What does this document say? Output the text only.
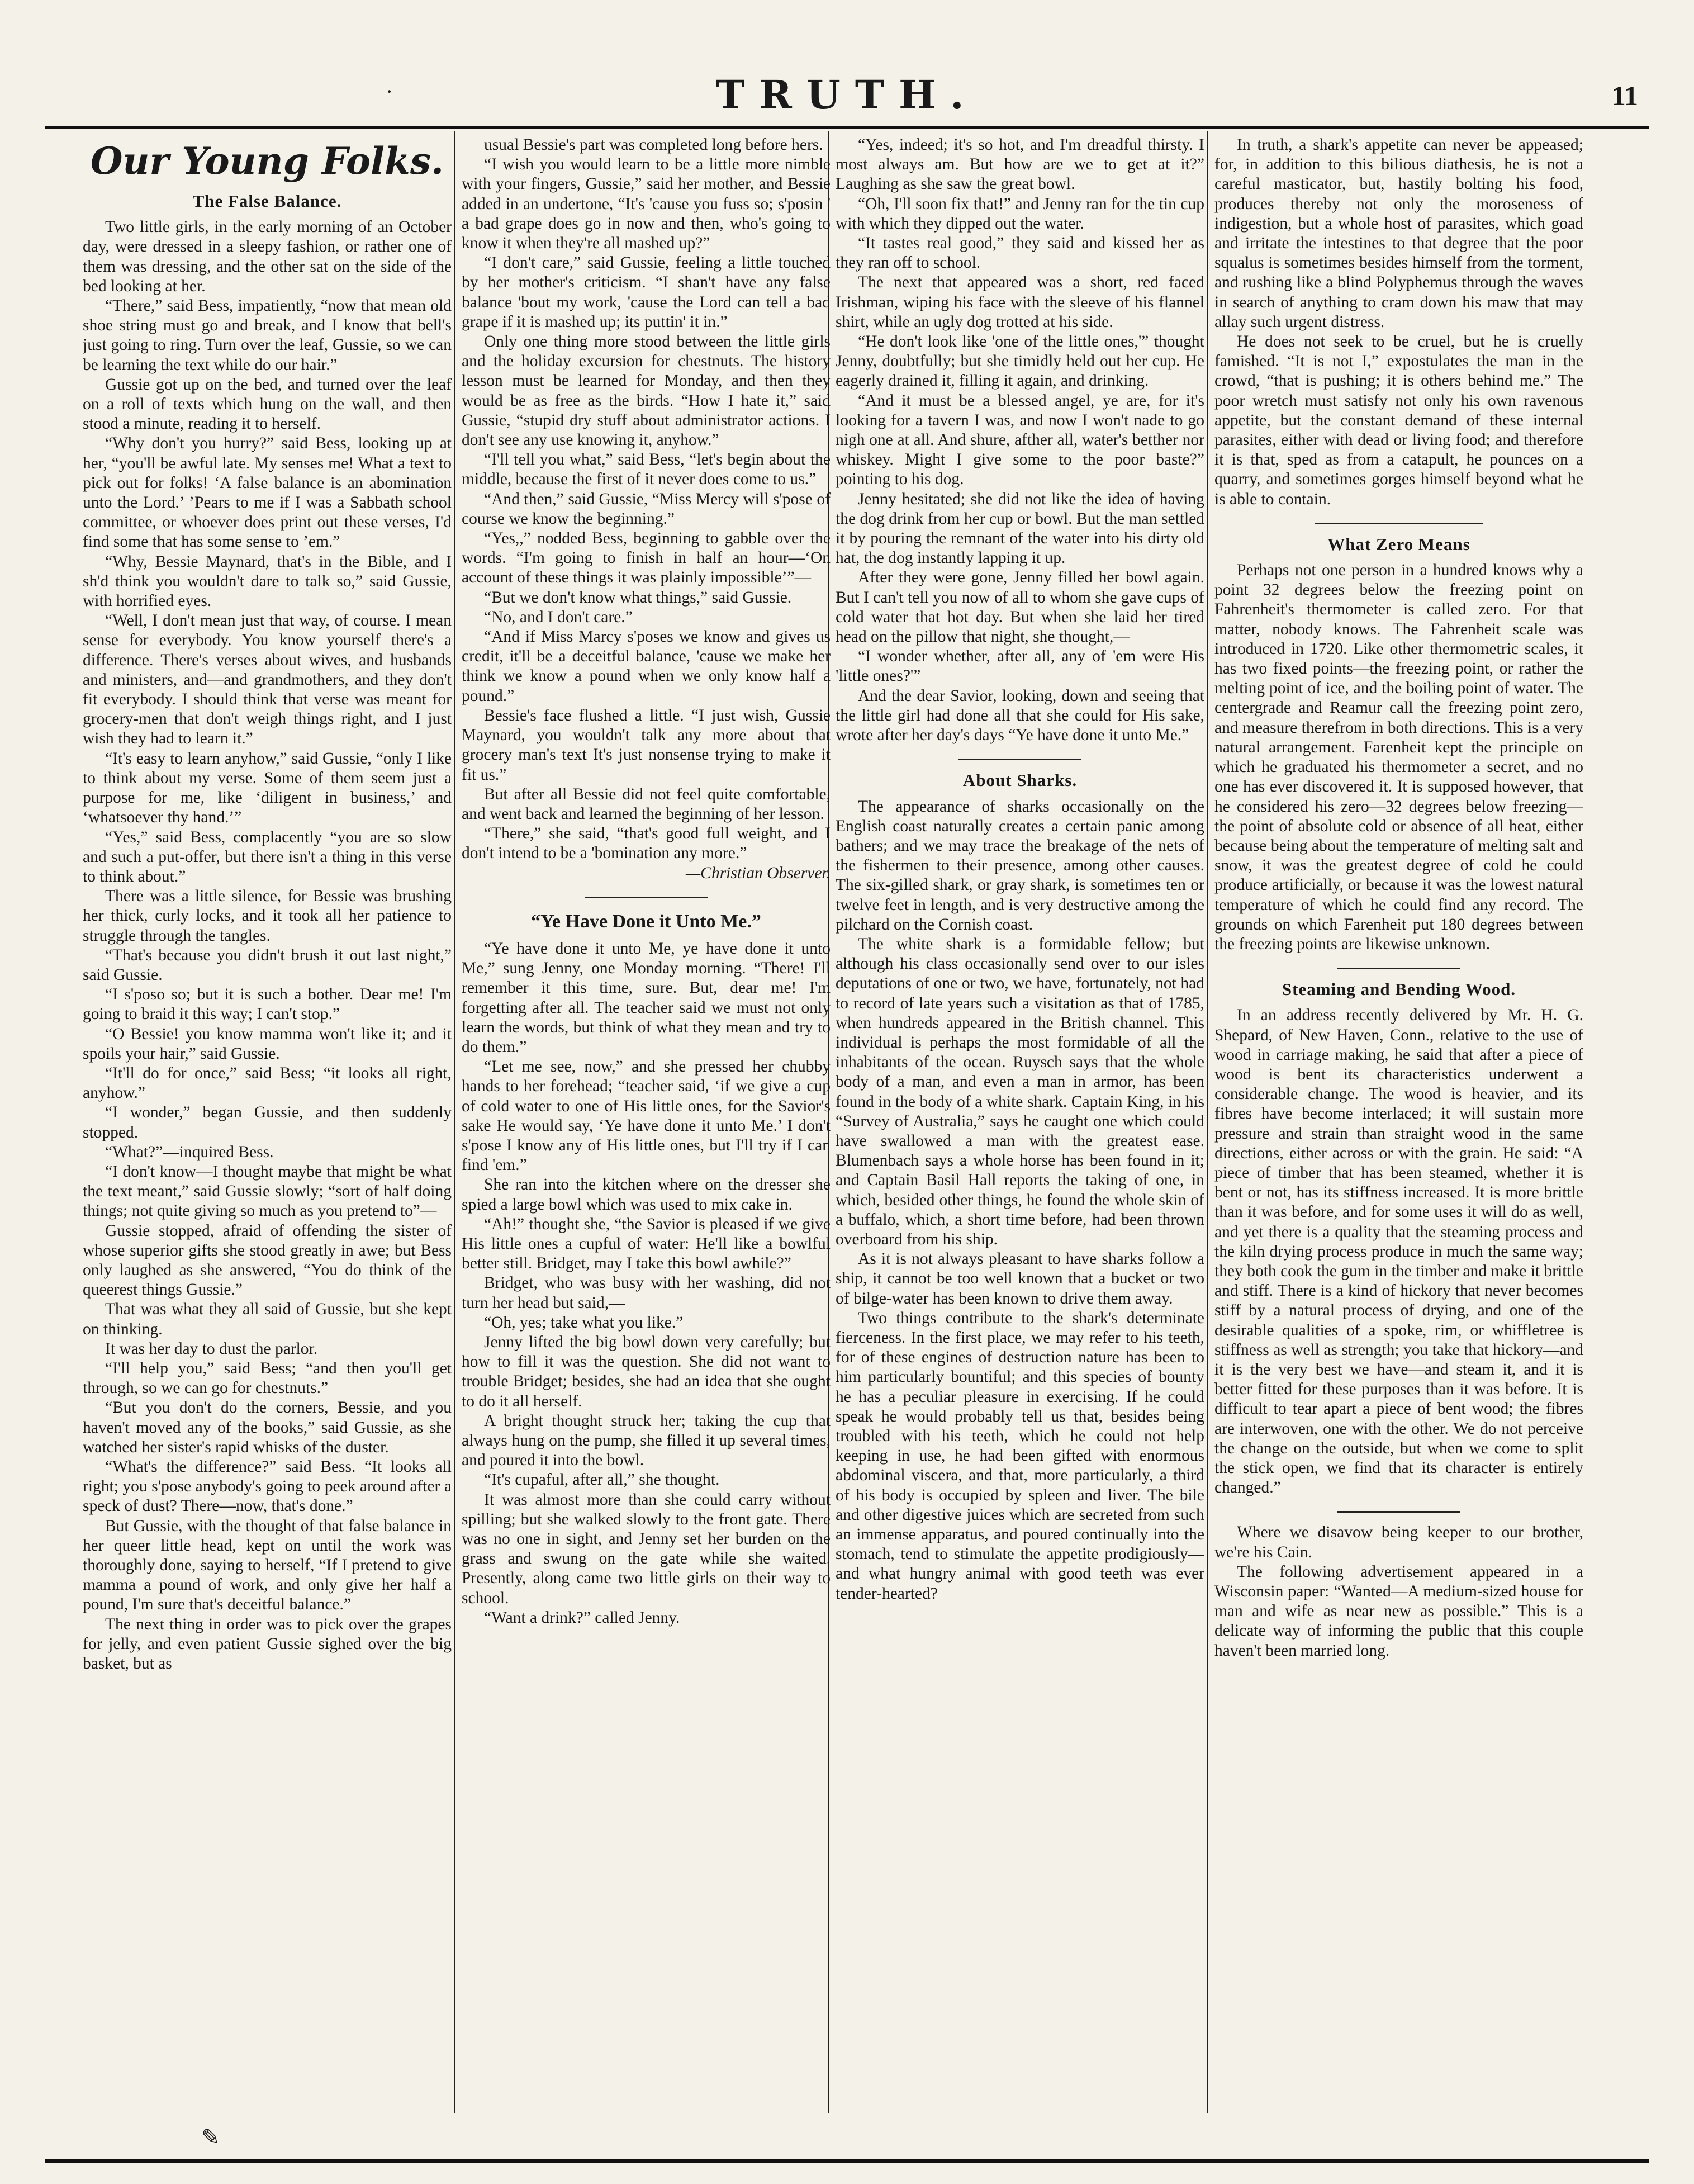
·	TRUTH.	11
Our Young Folks.
The False Balance.

Two little girls, in the early morning of an October day, were dressed in a sleepy fashion, or rather one of them was dressing, and the other sat on the side of the bed looking at her.

“There,” said Bess, impatiently, “now that mean old shoe string must go and break, and I know that bell's just going to ring. Turn over the leaf, Gussie, so we can be learning the text while do our hair.”

Gussie got up on the bed, and turned over the leaf on a roll of texts which hung on the wall, and then stood a minute, reading it to herself.

“Why don't you hurry?” said Bess, looking up at her, “you'll be awful late. My senses me! What a text to pick out for folks! ‘A false balance is an abomination unto the Lord.’ ’Pears to me if I was a Sabbath school committee, or whoever does print out these verses, I'd find some that has some sense to ’em.”

“Why, Bessie Maynard, that's in the Bible, and I sh'd think you wouldn't dare to talk so,” said Gussie, with horrified eyes.

“Well, I don't mean just that way, of course. I mean sense for everybody. You know yourself there's a difference. There's verses about wives, and husbands and ministers, and—and grandmothers, and they don't fit everybody. I should think that verse was meant for grocery-men that don't weigh things right, and I just wish they had to learn it.”

“It's easy to learn anyhow,” said Gussie, “only I like to think about my verse. Some of them seem just a purpose for me, like ‘diligent in business,’ and ‘whatsoever thy hand.’”

“Yes,” said Bess, complacently “you are so slow and such a put-offer, but there isn't a thing in this verse to think about.”

There was a little silence, for Bessie was brushing her thick, curly locks, and it took all her patience to struggle through the tangles.

“That's because you didn't brush it out last night,” said Gussie.

“I s'poso so; but it is such a bother. Dear me! I'm going to braid it this way; I can't stop.”

“O Bessie! you know mamma won't like it; and it spoils your hair,” said Gussie.

“It'll do for once,” said Bess; “it looks all right, anyhow.”

“I wonder,” began Gussie, and then suddenly stopped.

“What?”—inquired Bess.

“I don't know—I thought maybe that might be what the text meant,” said Gussie slowly; “sort of half doing things; not quite giving so much as you pretend to”—

Gussie stopped, afraid of offending the sister of whose superior gifts she stood greatly in awe; but Bess only laughed as she answered, “You do think of the queerest things Gussie.”

That was what they all said of Gussie, but she kept on thinking.

It was her day to dust the parlor.

“I'll help you,” said Bess; “and then you'll get through, so we can go for chestnuts.”

“But you don't do the corners, Bessie, and you haven't moved any of the books,” said Gussie, as she watched her sister's rapid whisks of the duster.

“What's the difference?” said Bess. “It looks all right; you s'pose anybody's going to peek around after a speck of dust? There—now, that's done.”

But Gussie, with the thought of that false balance in her queer little head, kept on until the work was thoroughly done, saying to herself, “If I pretend to give mamma a pound of work, and only give her half a pound, I'm sure that's deceitful balance.”

The next thing in order was to pick over the grapes for jelly, and even patient Gussie sighed over the big basket, but as

usual Bessie's part was completed long before hers.

“I wish you would learn to be a little more nimble with your fingers, Gussie,” said her mother, and Bessie added in an undertone, “It's 'cause you fuss so; s'posin ' a bad grape does go in now and then, who's going to know it when they're all mashed up?”

“I don't care,” said Gussie, feeling a little touched by her mother's criticism. “I shan't have any false balance 'bout my work, 'cause the Lord can tell a bad grape if it is mashed up; its puttin' it in.”

Only one thing more stood between the little girls and the holiday excursion for chestnuts. The history lesson must be learned for Monday, and then they would be as free as the birds. “How I hate it,” said Gussie, “stupid dry stuff about administrator actions. I don't see any use knowing it, anyhow.”

“I'll tell you what,” said Bess, “let's begin about the middle, because the first of it never does come to us.”

“And then,” said Gussie, “Miss Mercy will s'pose of course we know the beginning.”

“Yes,,” nodded Bess, beginning to gabble over the words. “I'm going to finish in half an hour—‘On account of these things it was plainly impossible’”—

“But we don't know what things,” said Gussie.

“No, and I don't care.”

“And if Miss Marcy s'poses we know and gives us credit, it'll be a deceitful balance, 'cause we make her think we know a pound when we only know half a pound.”

Bessie's face flushed a little. “I just wish, Gussie Maynard, you wouldn't talk any more about that grocery man's text It's just nonsense trying to make it fit us.”

But after all Bessie did not feel quite comfortable, and went back and learned the beginning of her lesson.

“There,” she said, “that's good full weight, and I don't intend to be a 'bomination any more.”

—Christian Observer.

“Ye Have Done it Unto Me.”

“Ye have done it unto Me, ye have done it unto Me,” sung Jenny, one Monday morning. “There! I'll remember it this time, sure. But, dear me! I'm forgetting after all. The teacher said we must not only learn the words, but think of what they mean and try to do them.”

“Let me see, now,” and she pressed her chubby hands to her forehead; “teacher said, ‘if we give a cup of cold water to one of His little ones, for the Savior's sake He would say, ‘Ye have done it unto Me.’ I don't s'pose I know any of His little ones, but I'll try if I can find 'em.”

She ran into the kitchen where on the dresser she spied a large bowl which was used to mix cake in.

“Ah!” thought she, “the Savior is pleased if we give His little ones a cupful of water: He'll like a bowlful better still. Bridget, may I take this bowl awhile?”

Bridget, who was busy with her washing, did not turn her head but said,—

“Oh, yes; take what you like.”

Jenny lifted the big bowl down very carefully; but how to fill it was the question. She did not want to trouble Bridget; besides, she had an idea that she ought to do it all herself.

A bright thought struck her; taking the cup that always hung on the pump, she filled it up several times, and poured it into the bowl.

“It's cupaful, after all,” she thought.

It was almost more than she could carry without spilling; but she walked slowly to the front gate. There was no one in sight, and Jenny set her burden on the grass and swung on the gate while she waited. Presently, along came two little girls on their way to school.

“Want a drink?” called Jenny.

“Yes, indeed; it's so hot, and I'm dreadful thirsty. I most always am. But how are we to get at it?” Laughing as she saw the great bowl.

“Oh, I'll soon fix that!” and Jenny ran for the tin cup with which they dipped out the water.

“It tastes real good,” they said and kissed her as they ran off to school.

The next that appeared was a short, red faced Irishman, wiping his face with the sleeve of his flannel shirt, while an ugly dog trotted at his side.

“He don't look like 'one of the little ones,'” thought Jenny, doubtfully; but she timidly held out her cup. He eagerly drained it, filling it again, and drinking.

“And it must be a blessed angel, ye are, for it's looking for a tavern I was, and now I won't nade to go nigh one at all. And shure, afther all, water's betther nor whiskey. Might I give some to the poor baste?” pointing to his dog.

Jenny hesitated; she did not like the idea of having the dog drink from her cup or bowl. But the man settled it by pouring the remnant of the water into his dirty old hat, the dog instantly lapping it up.

After they were gone, Jenny filled her bowl again. But I can't tell you now of all to whom she gave cups of cold water that hot day. But when she laid her tired head on the pillow that night, she thought,—

“I wonder whether, after all, any of 'em were His 'little ones?'”

And the dear Savior, looking, down and seeing that the little girl had done all that she could for His sake, wrote after her day's days “Ye have done it unto Me.”

About Sharks.

The appearance of sharks occasionally on the English coast naturally creates a certain panic among bathers; and we may trace the breakage of the nets of the fishermen to their presence, among other causes. The six-gilled shark, or gray shark, is sometimes ten or twelve feet in length, and is very destructive among the pilchard on the Cornish coast.

The white shark is a formidable fellow; but although his class occasionally send over to our isles deputations of one or two, we have, fortunately, not had to record of late years such a visitation as that of 1785, when hundreds appeared in the British channel. This individual is perhaps the most formidable of all the inhabitants of the ocean. Ruysch says that the whole body of a man, and even a man in armor, has been found in the body of a white shark. Captain King, in his “Survey of Australia,” says he caught one which could have swallowed a man with the greatest ease. Blumenbach says a whole horse has been found in it; and Captain Basil Hall reports the taking of one, in which, besided other things, he found the whole skin of a buffalo, which, a short time before, had been thrown overboard from his ship.

As it is not always pleasant to have sharks follow a ship, it cannot be too well known that a bucket or two of bilge-water has been known to drive them away.

Two things contribute to the shark's determinate fierceness. In the first place, we may refer to his teeth, for of these engines of destruction nature has been to him particularly bountiful; and this species of bounty he has a peculiar pleasure in exercising. If he could speak he would probably tell us that, besides being troubled with his teeth, which he could not help keeping in use, he had been gifted with enormous abdominal viscera, and that, more particularly, a third of his body is occupied by spleen and liver. The bile and other digestive juices which are secreted from such an immense apparatus, and poured continually into the stomach, tend to stimulate the appetite prodigiously—and what hungry animal with good teeth was ever tender-hearted?

In truth, a shark's appetite can never be appeased; for, in addition to this bilious diathesis, he is not a careful masticator, but, hastily bolting his food, produces thereby not only the moroseness of indigestion, but a whole host of parasites, which goad and irritate the intestines to that degree that the poor squalus is sometimes besides himself from the torment, and rushing like a blind Polyphemus through the waves in search of anything to cram down his maw that may allay such urgent distress.

He does not seek to be cruel, but he is cruelly famished. “It is not I,” expostulates the man in the crowd, “that is pushing; it is others behind me.” The poor wretch must satisfy not only his own ravenous appetite, but the constant demand of these internal parasites, either with dead or living food; and therefore it is that, sped as from a catapult, he pounces on a quarry, and sometimes gorges himself beyond what he is able to contain.

What Zero Means

Perhaps not one person in a hundred knows why a point 32 degrees below the freezing point on Fahrenheit's thermometer is called zero. For that matter, nobody knows. The Fahrenheit scale was introduced in 1720. Like other thermometric scales, it has two fixed points—the freezing point, or rather the melting point of ice, and the boiling point of water. The centergrade and Reamur call the freezing point zero, and measure therefrom in both directions. This is a very natural arrangement. Farenheit kept the principle on which he graduated his thermometer a secret, and no one has ever discovered it. It is supposed however, that he considered his zero—32 degrees below freezing—the point of absolute cold or absence of all heat, either because being about the temperature of melting salt and snow, it was the greatest degree of cold he could produce artificially, or because it was the lowest natural temperature of which he could find any record. The grounds on which Farenheit put 180 degrees between the freezing points are likewise unknown.

Steaming and Bending Wood.

In an address recently delivered by Mr. H. G. Shepard, of New Haven, Conn., relative to the use of wood in carriage making, he said that after a piece of wood is bent its characteristics underwent a considerable change. The wood is heavier, and its fibres have become interlaced; it will sustain more pressure and strain than straight wood in the same directions, either across or with the grain. He said: “A piece of timber that has been steamed, whether it is bent or not, has its stiffness increased. It is more brittle than it was before, and for some uses it will do as well, and yet there is a quality that the steaming process and the kiln drying process produce in much the same way; they both cook the gum in the timber and make it brittle and stiff. There is a kind of hickory that never becomes stiff by a natural process of drying, and one of the desirable qualities of a spoke, rim, or whiffletree is stiffness as well as strength; you take that hickory—and it is the very best we have—and steam it, and it is better fitted for these purposes than it was before. It is difficult to tear apart a piece of bent wood; the fibres are interwoven, one with the other. We do not perceive the change on the outside, but when we come to split the stick open, we find that its character is entirely changed.”

Where we disavow being keeper to our brother, we're his Cain.

The following advertisement appeared in a Wisconsin paper: “Wanted—A medium-sized house for man and wife as near new as possible.” This is a delicate way of informing the public that this couple haven't been married long.

✎
